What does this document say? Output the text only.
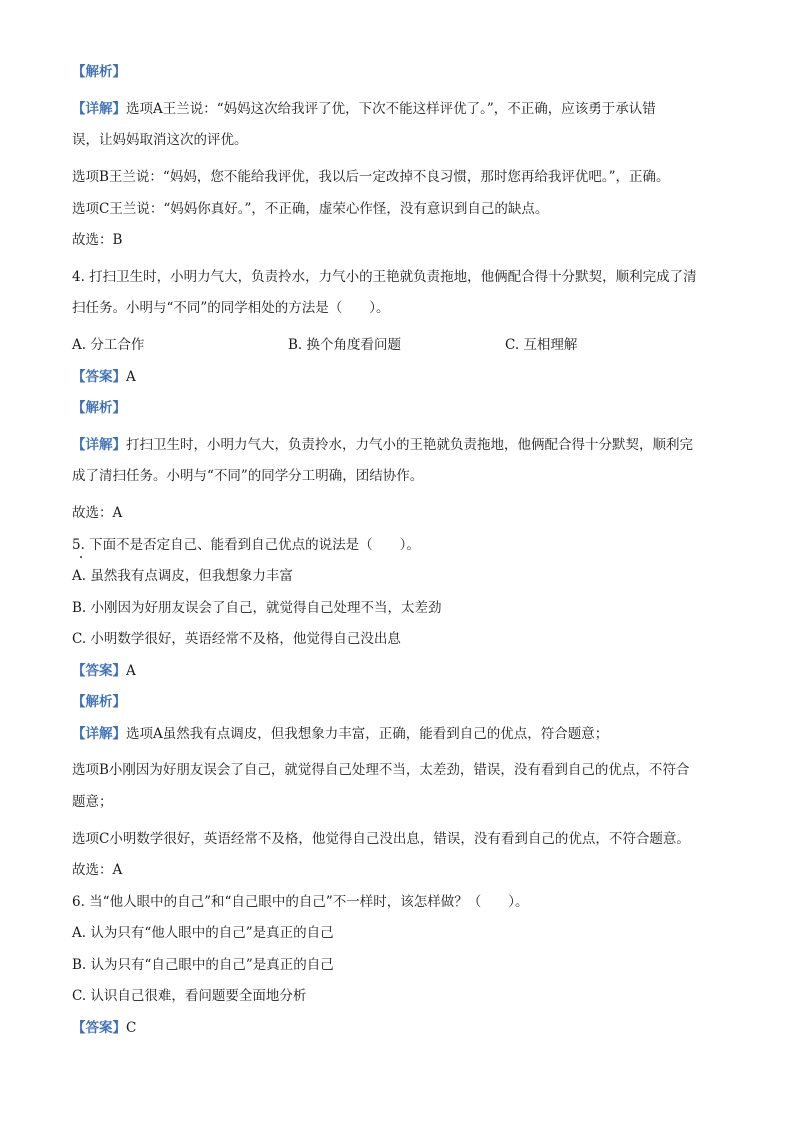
【解析】
【详解】选项A王兰说：“妈妈这次给我评了优，下次不能这样评优了。”，不正确，应该勇于承认错
误，让妈妈取消这次的评优。
选项B王兰说：“妈妈，您不能给我评优，我以后一定改掉不良习惯，那时您再给我评优吧。”，正确。
选项C王兰说：“妈妈你真好。”，不正确，虚荣心作怪，没有意识到自己的缺点。
故选：B
4. 打扫卫生时，小明力气大，负责拎水，力气小的王艳就负责拖地，他俩配合得十分默契，顺利完成了清
扫任务。小明与“不同”的同学相处的方法是（　　）。
A. 分工合作	B. 换个角度看问题	C. 互相理解
【答案】A
【解析】
【详解】打扫卫生时，小明力气大，负责拎水，力气小的王艳就负责拖地，他俩配合得十分默契，顺利完
成了清扫任务。小明与“不同”的同学分工明确，团结协作。
故选：A
5. 下面不是否定自己、能看到自己优点的说法是（　　）。
A. 虽然我有点调皮，但我想象力丰富
B. 小刚因为好朋友误会了自己，就觉得自己处理不当，太差劲
C. 小明数学很好，英语经常不及格，他觉得自己没出息
【答案】A
【解析】
【详解】选项A虽然我有点调皮，但我想象力丰富，正确，能看到自己的优点，符合题意；
选项B小刚因为好朋友误会了自己，就觉得自己处理不当，太差劲，错误，没有看到自己的优点，不符合
题意；
选项C小明数学很好，英语经常不及格，他觉得自己没出息，错误，没有看到自己的优点，不符合题意。
故选：A
6. 当“他人眼中的自己”和“自己眼中的自己”不一样时，该怎样做？（　　）。
A. 认为只有“他人眼中的自己”是真正的自己
B. 认为只有“自己眼中的自己”是真正的自己
C. 认识自己很难，看问题要全面地分析
【答案】C
